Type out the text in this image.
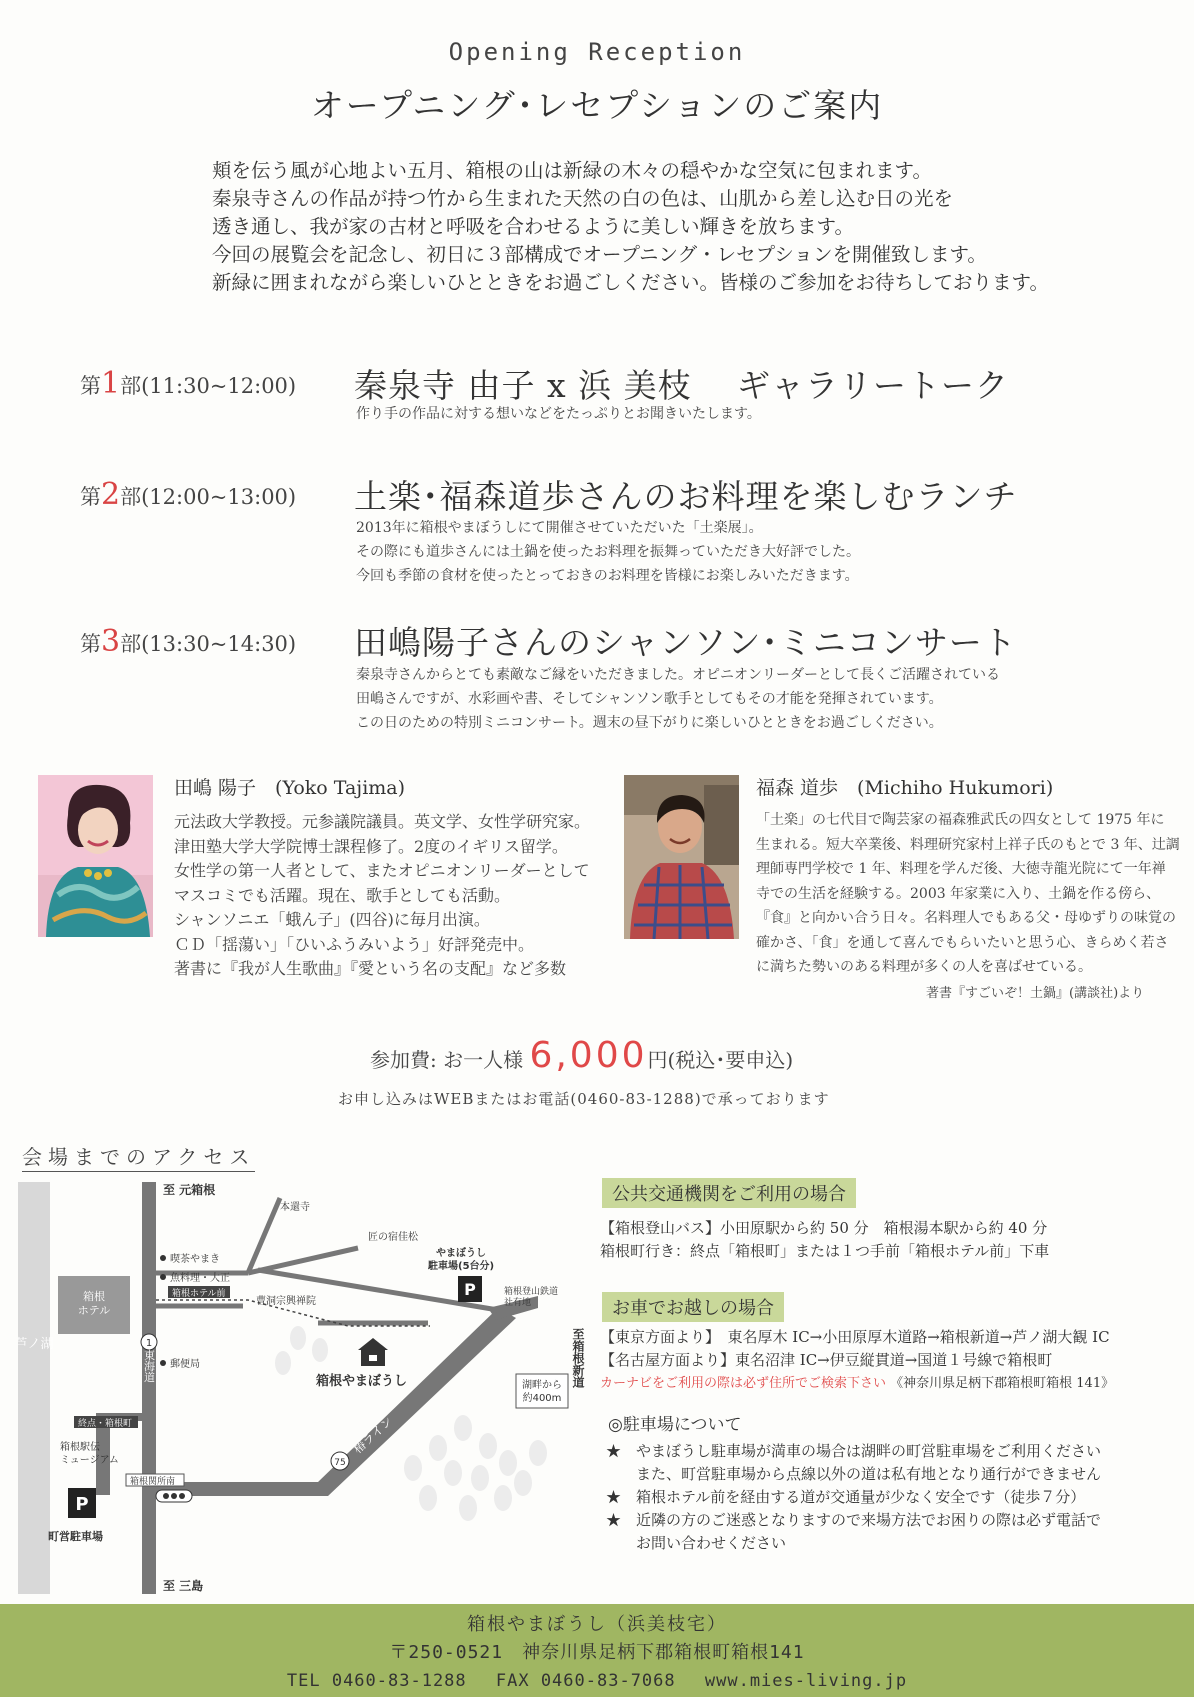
Opening Reception
オープニング･レセプションのご案内
頬を伝う風が心地よい五月、箱根の山は新緑の木々の穏やかな空気に包まれます。
秦泉寺さんの作品が持つ竹から生まれた天然の白の色は、山肌から差し込む日の光を
透き通し、我が家の古材と呼吸を合わせるように美しい輝きを放ちます。
今回の展覧会を記念し、初日に３部構成でオープニング・レセプションを開催致します。
新緑に囲まれながら楽しいひとときをお過ごしください。皆様のご参加をお待ちしております。
第1部(11:30~12:00) 秦泉寺 由子 x 浜 美枝　 ギャラリートーク
作り手の作品に対する想いなどをたっぷりとお聞きいたします。
第2部(12:00~13:00) 土楽･福森道歩さんのお料理を楽しむランチ
2013年に箱根やまぼうしにて開催させていただいた「土楽展」。
その際にも道歩さんには土鍋を使ったお料理を振舞っていただき大好評でした。
今回も季節の食材を使ったとっておきのお料理を皆様にお楽しみいただきます。
第3部(13:30~14:30) 田嶋陽子さんのシャンソン･ミニコンサート
秦泉寺さんからとても素敵なご縁をいただきました。オピニオンリーダーとして長くご活躍されている
田嶋さんですが、水彩画や書、そしてシャンソン歌手としてもその才能を発揮されています。
この日のための特別ミニコンサート。週末の昼下がりに楽しいひとときをお過ごしください。
田嶋 陽子　(Yoko Tajima)
元法政大学教授。元参議院議員。英文学、女性学研究家。
津田塾大学大学院博士課程修了。2度のイギリス留学。
女性学の第一人者として、またオピニオンリーダーとして
マスコミでも活躍。現在、歌手としても活動。
シャンソニエ「蛾ん子」(四谷)に毎月出演。
ＣＤ「揺蕩い」「ひいふうみいよう」好評発売中。
著書に『我が人生歌曲』『愛という名の支配』など多数
福森 道歩　(Michiho Hukumori)
「土楽」の七代目で陶芸家の福森雅武氏の四女として 1975 年に
生まれる。短大卒業後、料理研究家村上祥子氏のもとで 3 年、辻調
理師専門学校で 1 年、料理を学んだ後、大徳寺龍光院にて一年禅
寺での生活を経験する。2003 年家業に入り、土鍋を作る傍ら、
『食』と向かい合う日々。名料理人でもある父・母ゆずりの味覚の
確かさ、「食」を通して喜んでもらいたいと思う心、きらめく若さ
に満ちた勢いのある料理が多くの人を喜ばせている。
著書『すごいぞ！土鍋』(講談社)より
参加費: お一人様 6,000円(税込･要申込)
お申し込みはWEBまたはお電話(0460-83-1288)で承っております
会場までのアクセス
芦ノ湖
箱根ホテル
至 元箱根
至 三島
本還寺
匠の宿佳松
喫茶やまき
魚料理・大正
箱根ホテル前
曹洞宗興禅院
1
東海道 郵便局
終点・箱根町
箱根駅伝ミュージアム
箱根関所南
P
町営駐車場
やまぼうし駐車場(5台分)
P	箱根登山鉄道社有地
箱根やまぼうし	湖畔から約400m
至箱根新道
75
椿ライン
公共交通機関をご利用の場合
【箱根登山バス】小田原駅から約 50 分　箱根湯本駅から約 40 分
箱根町行き：終点「箱根町」または１つ手前「箱根ホテル前」下車
お車でお越しの場合
【東京方面より】　東名厚木 IC→小田原厚木道路→箱根新道→芦ノ湖大観 IC
【名古屋方面より】東名沼津 IC→伊豆縦貫道→国道１号線で箱根町
カーナビをご利用の際は必ず住所でご検索下さい 《神奈川県足柄下郡箱根町箱根 141》
◎駐車場について
★　やまぼうし駐車場が満車の場合は湖畔の町営駐車場をご利用ください
　　また、町営駐車場から点線以外の道は私有地となり通行ができません
★　箱根ホテル前を経由する道が交通量が少なく安全です（徒歩７分）
★　近隣の方のご迷惑となりますので来場方法でお困りの際は必ず電話で
　　お問い合わせください
箱根やまぼうし（浜美枝宅）
〒250-0521　神奈川県足柄下郡箱根町箱根141
TEL 0460-83-1288　 FAX 0460-83-7068　 www.mies-living.jp
